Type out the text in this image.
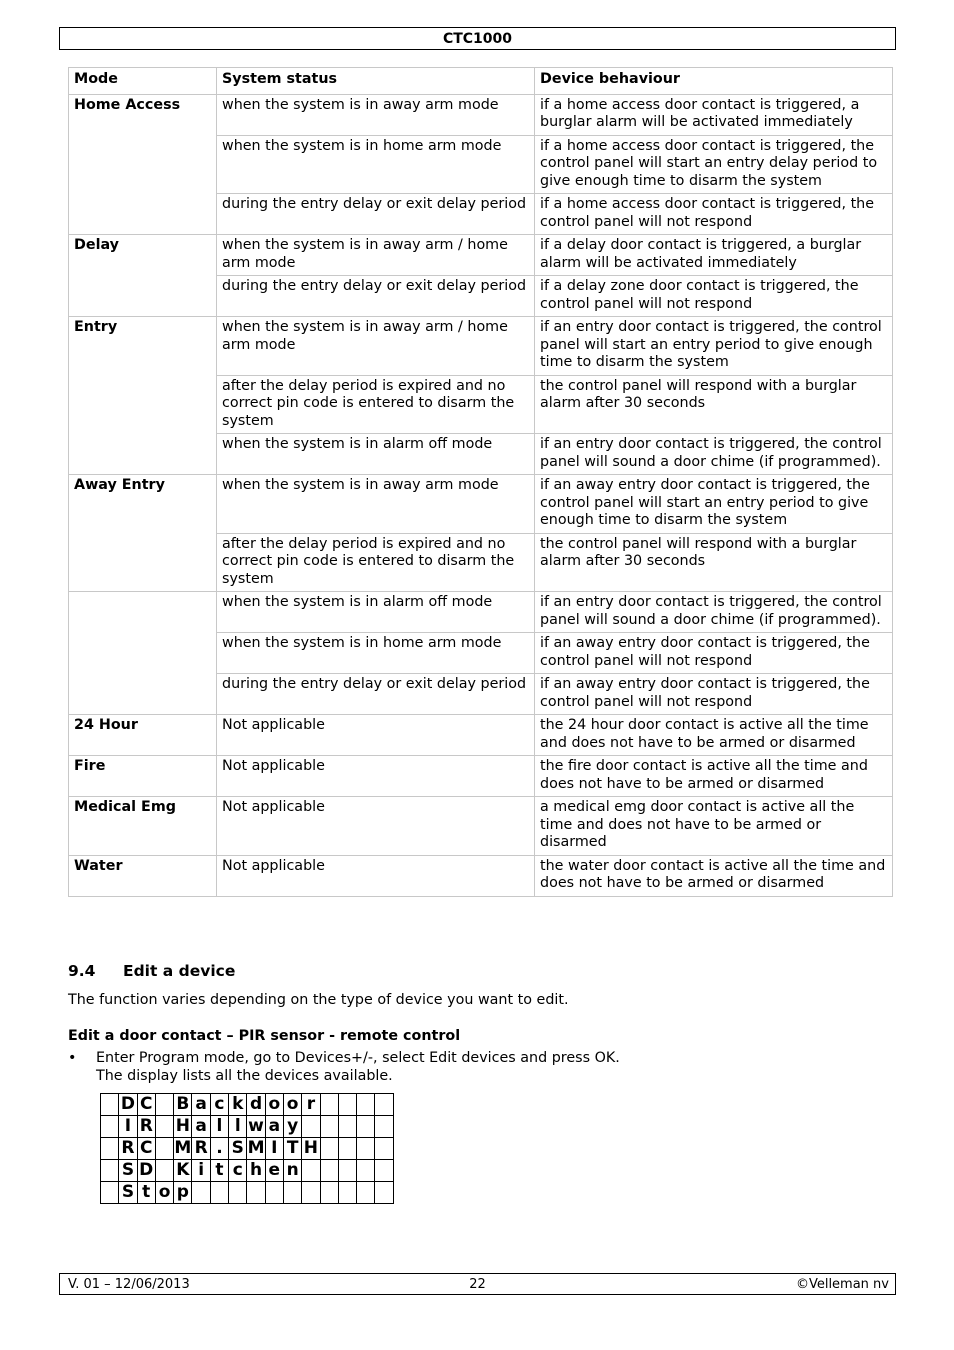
CTC1000
Mode	System status	Device behaviour
Home Access	when the system is in away arm mode	if a home access door contact is triggered, a burglar alarm will be activated immediately
	when the system is in home arm mode	if a home access door contact is triggered, the control panel will start an entry delay period to give enough time to disarm the system
	during the entry delay or exit delay period	if a home access door contact is triggered, the control panel will not respond
Delay	when the system is in away arm / home arm mode	if a delay door contact is triggered, a burglar alarm will be activated immediately
	during the entry delay or exit delay period	if a delay zone door contact is triggered, the control panel will not respond
Entry	when the system is in away arm / home arm mode	if an entry door contact is triggered, the control panel will start an entry period to give enough time to disarm the system
	after the delay period is expired and no correct pin code is entered to disarm the system	the control panel will respond with a burglar alarm after 30 seconds
	when the system is in alarm off mode	if an entry door contact is triggered, the control panel will sound a door chime (if programmed).
Away Entry	when the system is in away arm mode	if an away entry door contact is triggered, the control panel will start an entry period to give enough time to disarm the system
	after the delay period is expired and no correct pin code is entered to disarm the system	the control panel will respond with a burglar alarm after 30 seconds
	when the system is in alarm off mode	if an entry door contact is triggered, the control panel will sound a door chime (if programmed).
	when the system is in home arm mode	if an away entry door contact is triggered, the control panel will not respond
	during the entry delay or exit delay period	if an away entry door contact is triggered, the control panel will not respond
24 Hour	Not applicable	the 24 hour door contact is active all the time and does not have to be armed or disarmed
Fire	Not applicable	the fire door contact is active all the time and does not have to be armed or disarmed
Medical Emg	Not applicable	a medical emg door contact is active all the time and does not have to be armed or disarmed
Water	Not applicable	the water door contact is active all the time and does not have to be armed or disarmed
9.4 Edit a device
The function varies depending on the type of device you want to edit.
Edit a door contact – PIR sensor - remote control
•	Enter Program mode, go to Devices+/-, select Edit devices and press OK.
The display lists all the devices available.
	D	C		B	a	c	k	d	o	o	r				
	I	R		H	a	l	l	w	a	y					
	R	C		M	R	.	S	M	I	T	H				
	S	D		K	i	t	c	h	e	n					
	S	t	o	p											
V. 01 – 12/06/2013	22	©Velleman nv
